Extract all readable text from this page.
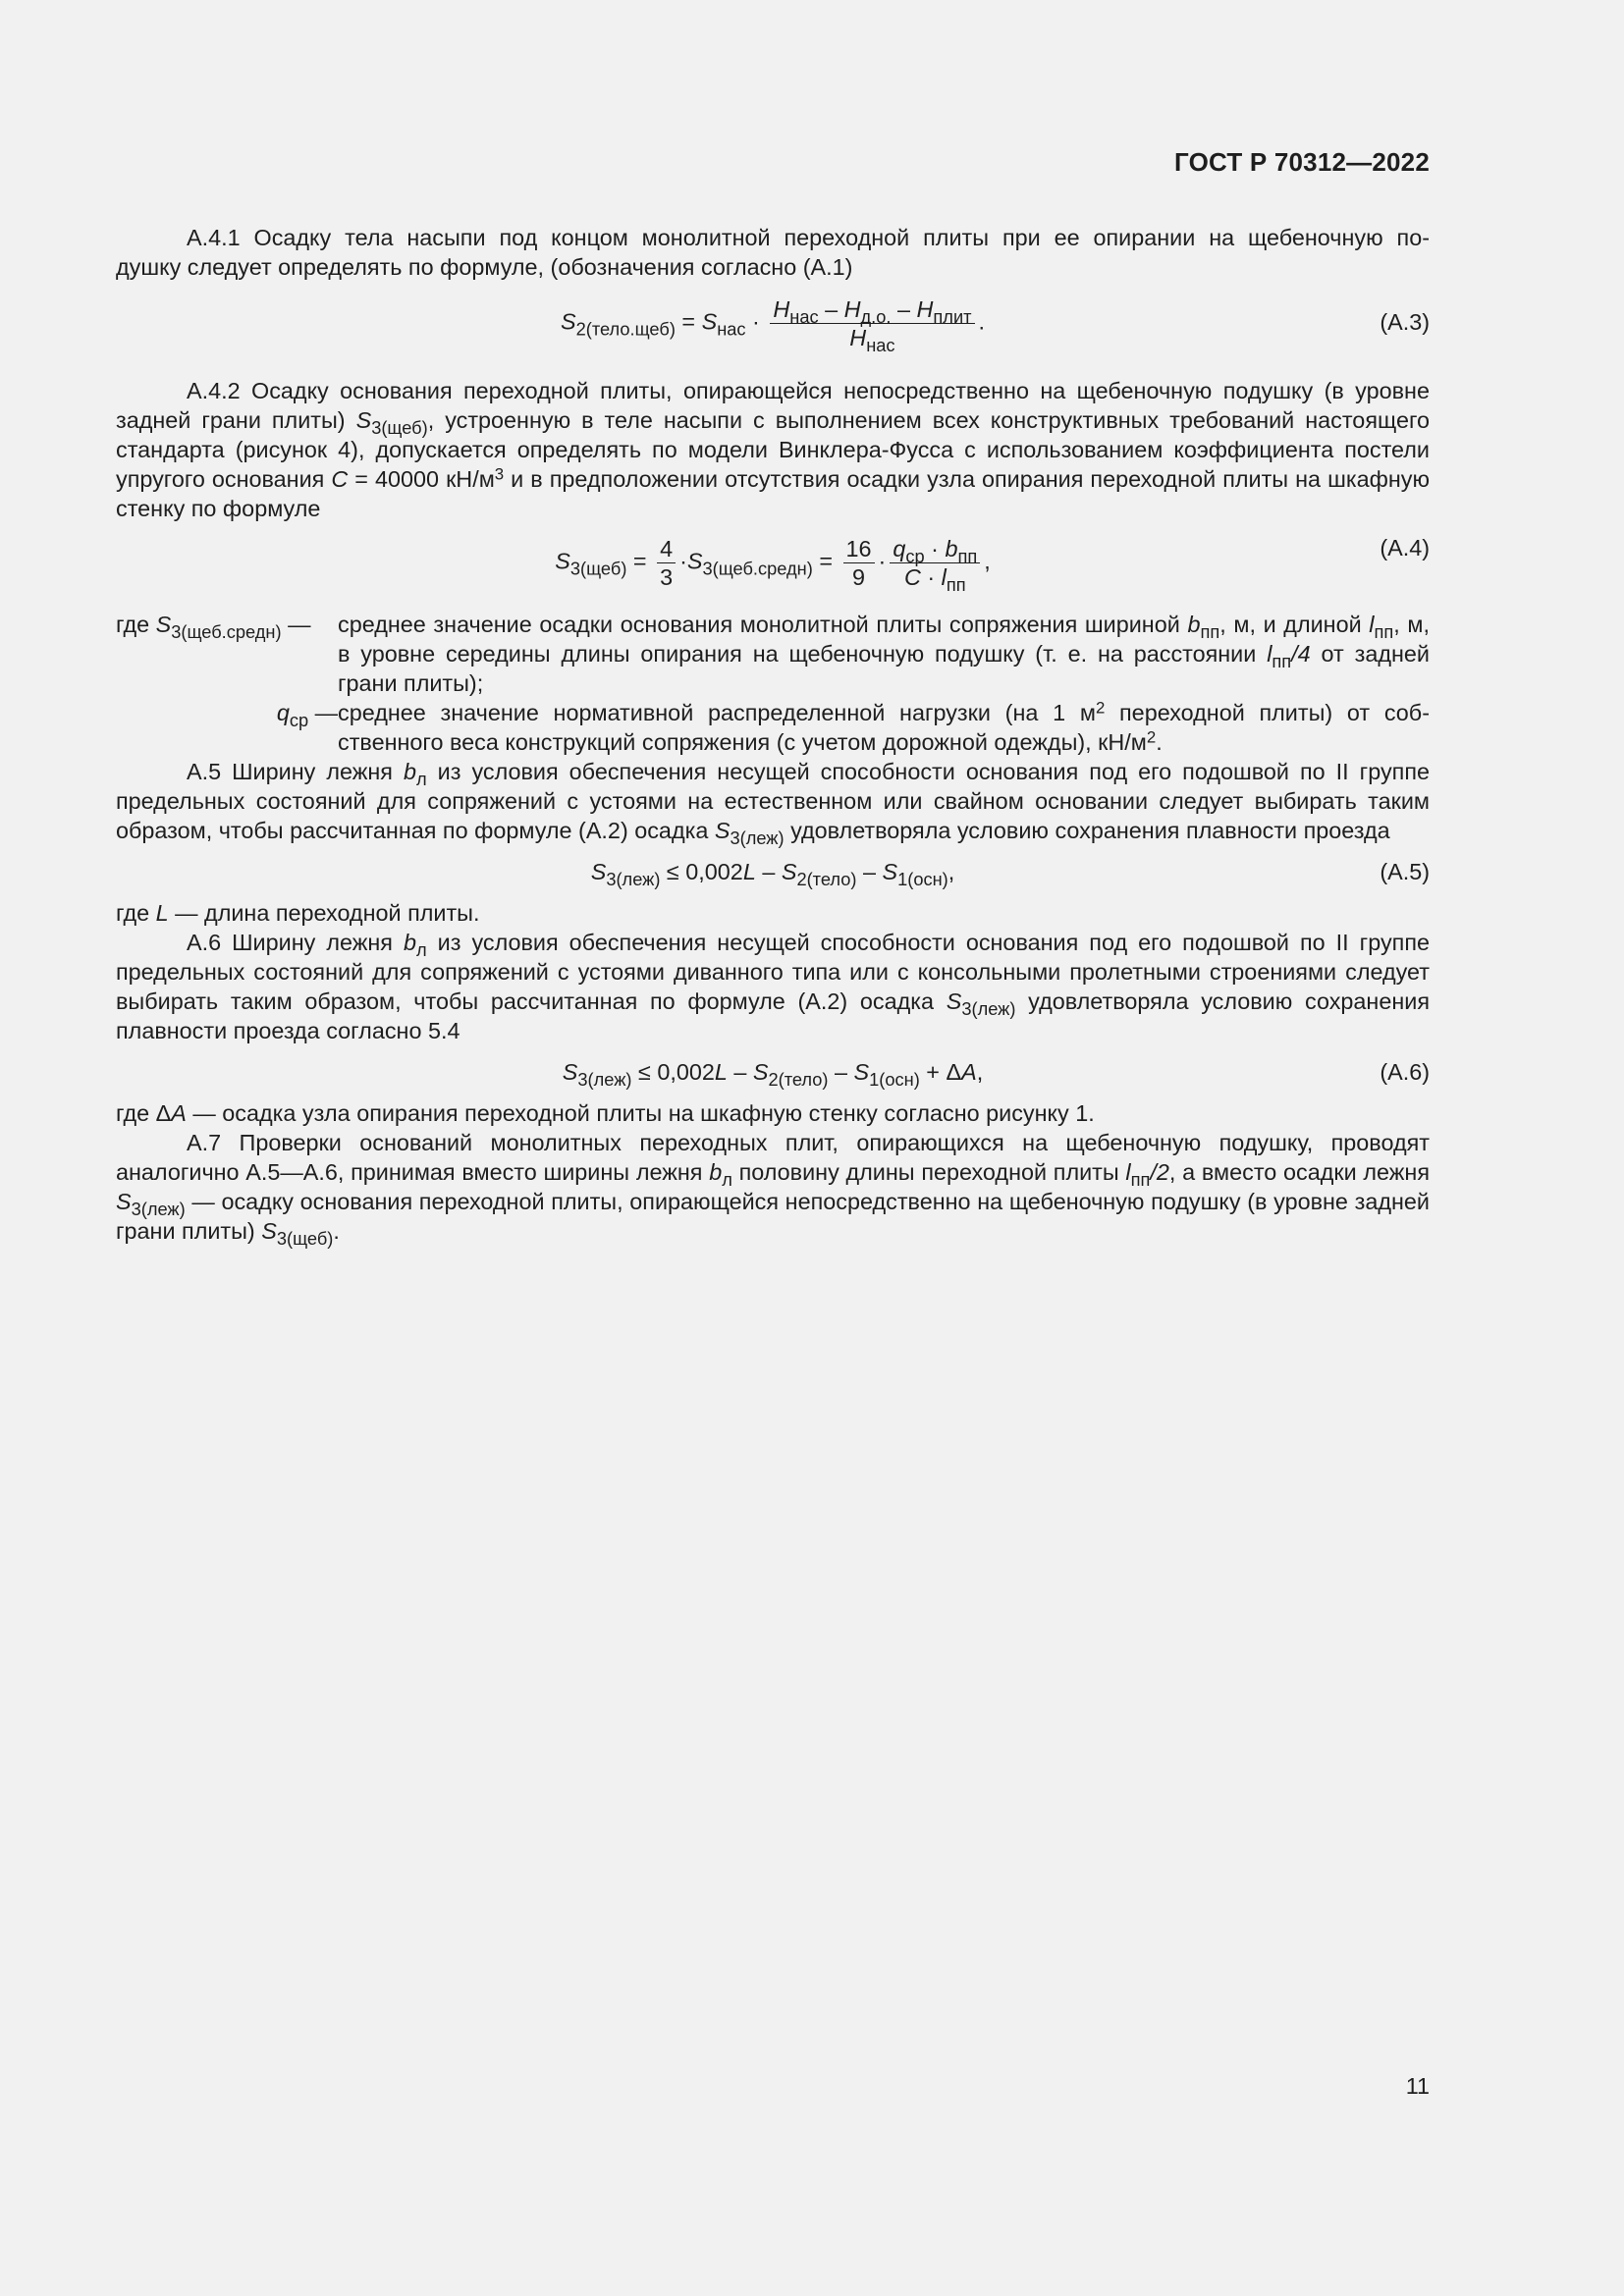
ГОСТ Р 70312—2022

А.4.1 Осадку тела насыпи под концом монолитной переходной плиты при ее опирании на щебеночную по-

душку следует определять по формуле, (обозначения согласно (А.1)

(А.3)
$S_{2(тело.щеб)} = S_{нас} \cdot \frac{H_{нас} - H_{д.о.} - H_{плит}}{H_{нас}}$ .

А.4.2 Осадку основания переходной плиты, опирающейся непосредственно на щебеночную подушку (в уровне задней грани плиты) $S_{3(щеб)}$, устроенную в теле насыпи с выполнением всех конструктивных требований настоящего стандарта (рисунок 4), допускается определять по модели Винклера-Фусса с использованием коэффициента постели упругого основания C = 40000 $кН/м^3$ и в предположении отсутствия осадки узла опирания переходной плиты на шкафную стенку по формуле

(А.4)
$S_{3(щеб)} = \frac{4}{3} \cdot S_{3(щеб.средн)} = \frac{16}{9} \cdot \frac{q_{ср} \cdot b_{пп}}{C \cdot l_{пп}}$ ,
где $S_{3(щеб.средн)}$ — среднее значение осадки основания монолитной плиты сопряжения шириной $b_{пп}$, м, и длиной $l_{пп}$, м, в уровне середины длины опирания на щебеночную подушку (т. е. на расстоянии $l_{пп}/4$ от задней грани плиты);

$q_{ср}$ — среднее значение нормативной распределенной нагрузки (на 1 $м^2$ переходной плиты) от собственного веса конструкций сопряжения (с учетом дорожной одежды), $кН/м^2$.

А.5 Ширину лежня $b_л$ из условия обеспечения несущей способности основания под его подошвой по II группе предельных состояний для сопряжений с устоями на естественном или свайном основании следует выбирать таким образом, чтобы рассчитанная по формуле (А.2) осадка $S_{3(леж)}$ удовлетворяла условию сохранения плавности проезда

(А.5)
$S_{3(леж)} \le 0,002L - S_{2(тело)} - S_{1(осн)}$,

где L — длина переходной плиты.

А.6 Ширину лежня $b_л$ из условия обеспечения несущей способности основания под его подошвой по II группе предельных состояний для сопряжений с устоями диванного типа или с консольными пролетными строениями следует выбирать таким образом, чтобы рассчитанная по формуле (А.2) осадка $S_{3(леж)}$ удовлетворяла условию сохранения плавности проезда согласно 5.4

(А.6)
$S_{3(леж)} \le 0,002L - S_{2(тело)} - S_{1(осн)} + \Delta A$,

где ΔA — осадка узла опирания переходной плиты на шкафную стенку согласно рисунку 1.

А.7 Проверки оснований монолитных переходных плит, опирающихся на щебеночную подушку, проводят аналогично А.5—А.6, принимая вместо ширины лежня $b_л$ половину длины переходной плиты $l_{пп}/2$, а вместо осадки лежня $S_{3(леж)}$ — осадку основания переходной плиты, опирающейся непосредственно на щебеночную подушку (в уровне задней грани плиты) $S_{3(щеб)}$.

11
